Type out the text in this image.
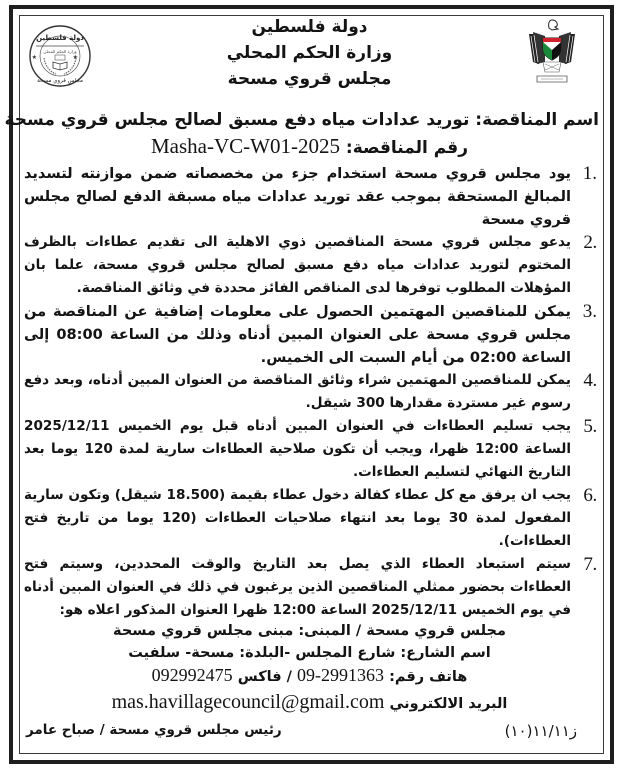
دولة فلسطين
وزارة الحكم المحلي
مجلس قروي مسحة
دولة فلسطين
وزارة الحكم المحلي
★	★
مجلس قروي مسحة
اسم المناقصة: توريد عدادات مياه دفع مسبق لصالح مجلس قروي مسحة
رقم المناقصة: Masha-VC-W01-2025
1.
يود مجلس قروي مسحة استخدام جزء من مخصصاته ضمن موازنته لتسديد المبالغ المستحقة بموجب عقد توريد عدادات مياه مسبقة الدفع لصالح مجلس قروي مسحة
2.
يدعو مجلس قروي مسحة المناقصين ذوي الاهلية الى تقديم عطاءات بالظرف المختوم لتوريد عدادات مياه دفع مسبق لصالح مجلس قروي مسحة، علما بان المؤهلات المطلوب توفرها لدى المناقص الفائز محددة في وثائق المناقصة.
3.
يمكن للمناقصين المهتمين الحصول على معلومات إضافية عن المناقصة من مجلس قروي مسحة على العنوان المبين أدناه وذلك من الساعة 08:00 إلى الساعة 02:00 من أيام السبت الى الخميس.
4.
يمكن للمناقصين المهتمين شراء وثائق المناقصة من العنوان المبين أدناه، وبعد دفع رسوم غير مستردة مقدارها 300 شيقل.
5.
يجب تسليم العطاءات في العنوان المبين أدناه قبل يوم الخميس 2025/12/11 الساعة 12:00 ظهرا، ويجب أن تكون صلاحية العطاءات سارية لمدة 120 يوما بعد التاريخ النهائي لتسليم العطاءات.
6.
يجب ان يرفق مع كل عطاء كفالة دخول عطاء بقيمة (18.500 شيقل) وتكون سارية المفعول لمدة 30 يوما بعد انتهاء صلاحيات العطاءات (120 يوما من تاريخ فتح العطاءات).
7.
سيتم استبعاد العطاء الذي يصل بعد التاريخ والوقت المحددين، وسيتم فتح العطاءات بحضور ممثلي المناقصين الذين يرغبون في ذلك في العنوان المبين أدناه في يوم الخميس 2025/12/11 الساعة 12:00 ظهرا العنوان المذكور اعلاه هو:
مجلس قروي مسحة / المبنى: مبنى مجلس قروي مسحة
اسم الشارع: شارع المجلس -البلدة: مسحة- سلفيت
هاتف رقم: 09-2991363 / فاكس 092992475
البريد الالكتروني mas.havillagecouncil@gmail.com
رئيس مجلس قروي مسحة / صباح عامر	ز١١/١١(١٠)
